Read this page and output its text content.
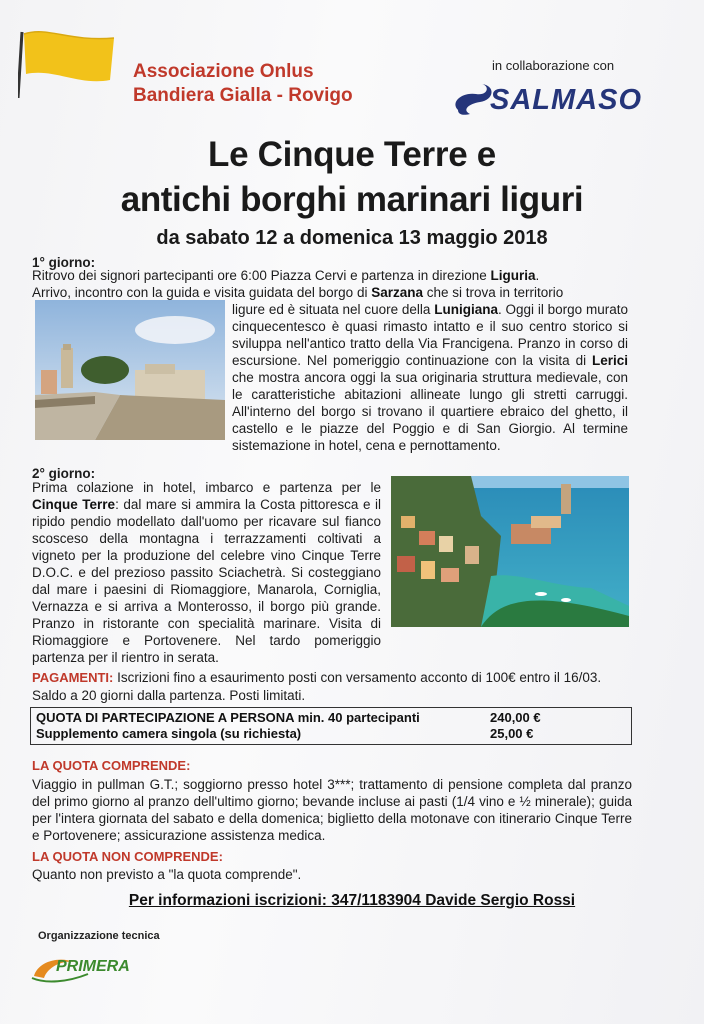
Associazione Onlus
Bandiera Gialla - Rovigo
in collaborazione con
SALMASO
Le Cinque Terre e
antichi borghi marinari liguri
da sabato 12 a domenica 13 maggio 2018
1° giorno:
Ritrovo dei signori partecipanti ore 6:00 Piazza Cervi e partenza in direzione Liguria.
Arrivo, incontro con la guida e visita guidata del borgo di Sarzana che si trova in territorio
ligure ed è situata nel cuore della Lunigiana. Oggi il borgo murato cinquecentesco è quasi rimasto intatto e il suo centro storico si sviluppa nell'antico tratto della Via Francigena. Pranzo in corso di escursione. Nel pomeriggio continuazione con la visita di Lerici che mostra ancora oggi la sua originaria struttura medievale, con le caratteristiche abitazioni allineate lungo gli stretti carruggi. All'interno del borgo si trovano il quartiere ebraico del ghetto, il castello e le piazze del Poggio e di San Giorgio. Al termine sistemazione in hotel, cena e pernottamento.
2° giorno:
Prima colazione in hotel, imbarco e partenza per le Cinque Terre: dal mare si ammira la Costa pittoresca e il ripido pendio modellato dall'uomo per ricavare sul fianco scosceso della montagna i terrazzamenti coltivati a vigneto per la produzione del celebre vino Cinque Terre D.O.C. e del prezioso passito Sciachetrà. Si costeggiano dal mare i paesini di Riomaggiore, Manarola, Corniglia, Vernazza e si arriva a Monterosso, il borgo più grande. Pranzo in ristorante con specialità marinare. Visita di Riomaggiore e Portovenere. Nel tardo pomeriggio partenza per il rientro in serata.
PAGAMENTI: Iscrizioni fino a esaurimento posti con versamento acconto di 100€ entro il 16/03.
Saldo a 20 giorni dalla partenza. Posti limitati.
QUOTA DI PARTECIPAZIONE A PERSONA min. 40 partecipanti	240,00 €
Supplemento camera singola (su richiesta)	25,00 €
LA QUOTA COMPRENDE:
Viaggio in pullman G.T.; soggiorno presso hotel 3***; trattamento di pensione completa dal pranzo del primo giorno al pranzo dell'ultimo giorno; bevande incluse ai pasti (1/4 vino e ½ minerale); guida per l'intera giornata del sabato e della domenica; biglietto della motonave con itinerario Cinque Terre e Portovenere; assicurazione assistenza medica.
LA QUOTA NON COMPRENDE:
Quanto non previsto a "la quota comprende".
Per informazioni iscrizioni: 347/1183904 Davide Sergio Rossi
Organizzazione tecnica
PRIMERA
